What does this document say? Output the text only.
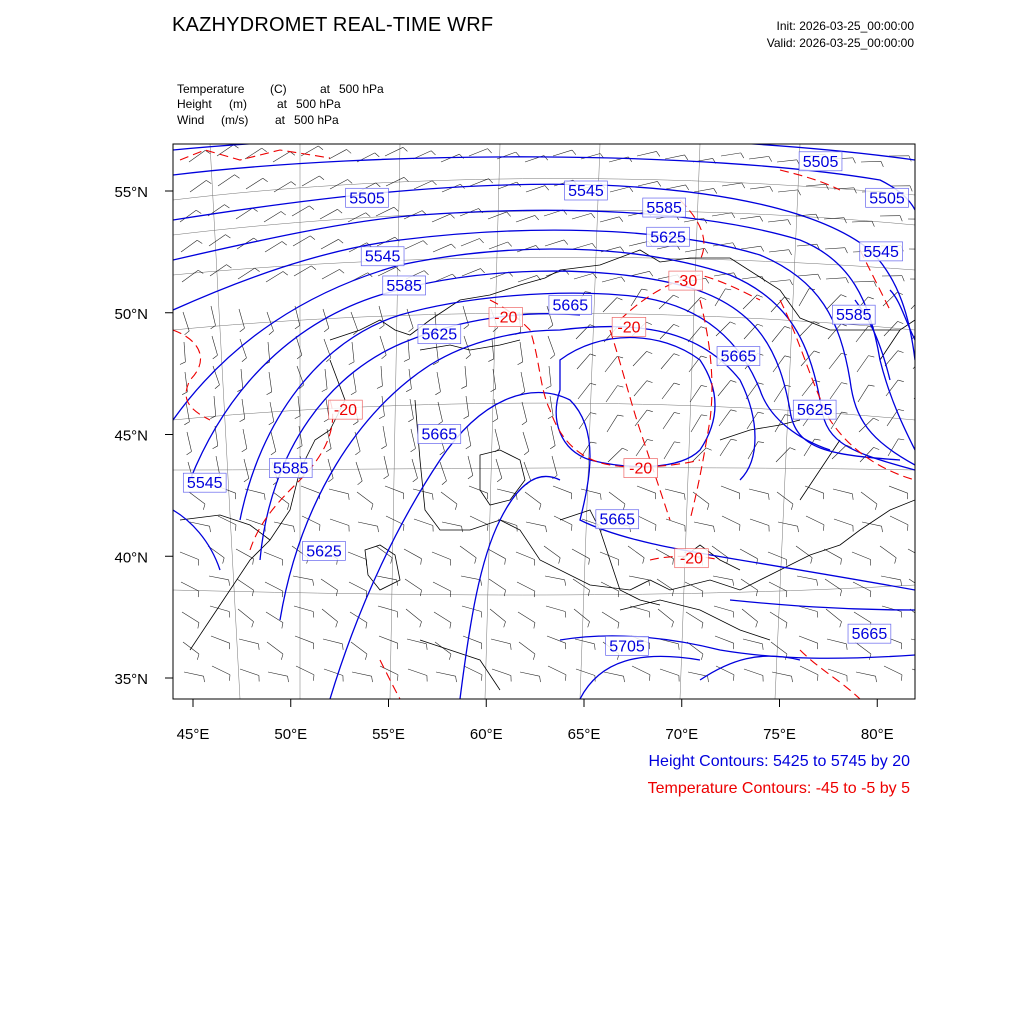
KAZHYDROMET REAL-TIME WRF	Init: 2026-03-25_00:00:00
Valid: 2026-03-25_00:00:00
Temperature (C)	at 500 hPa
Height (m)	at 500 hPa
Wind (m/s) at 500 hPa
45°E	50°E	55°E	60°E	65°E	70°E	75°E	80°E
55°N
50°N
45°N
40°N
35°N
5505	5545
5505
5505
5585
5625
5545	5545
5585
5665
5585
5625
5665
5625
5665
5585
5545
5665
5625
5665
5705
-30
-20
-20
-20
-20
-20
Height Contours: 5425 to 5745 by 20
Temperature Contours: -45 to -5 by 5
